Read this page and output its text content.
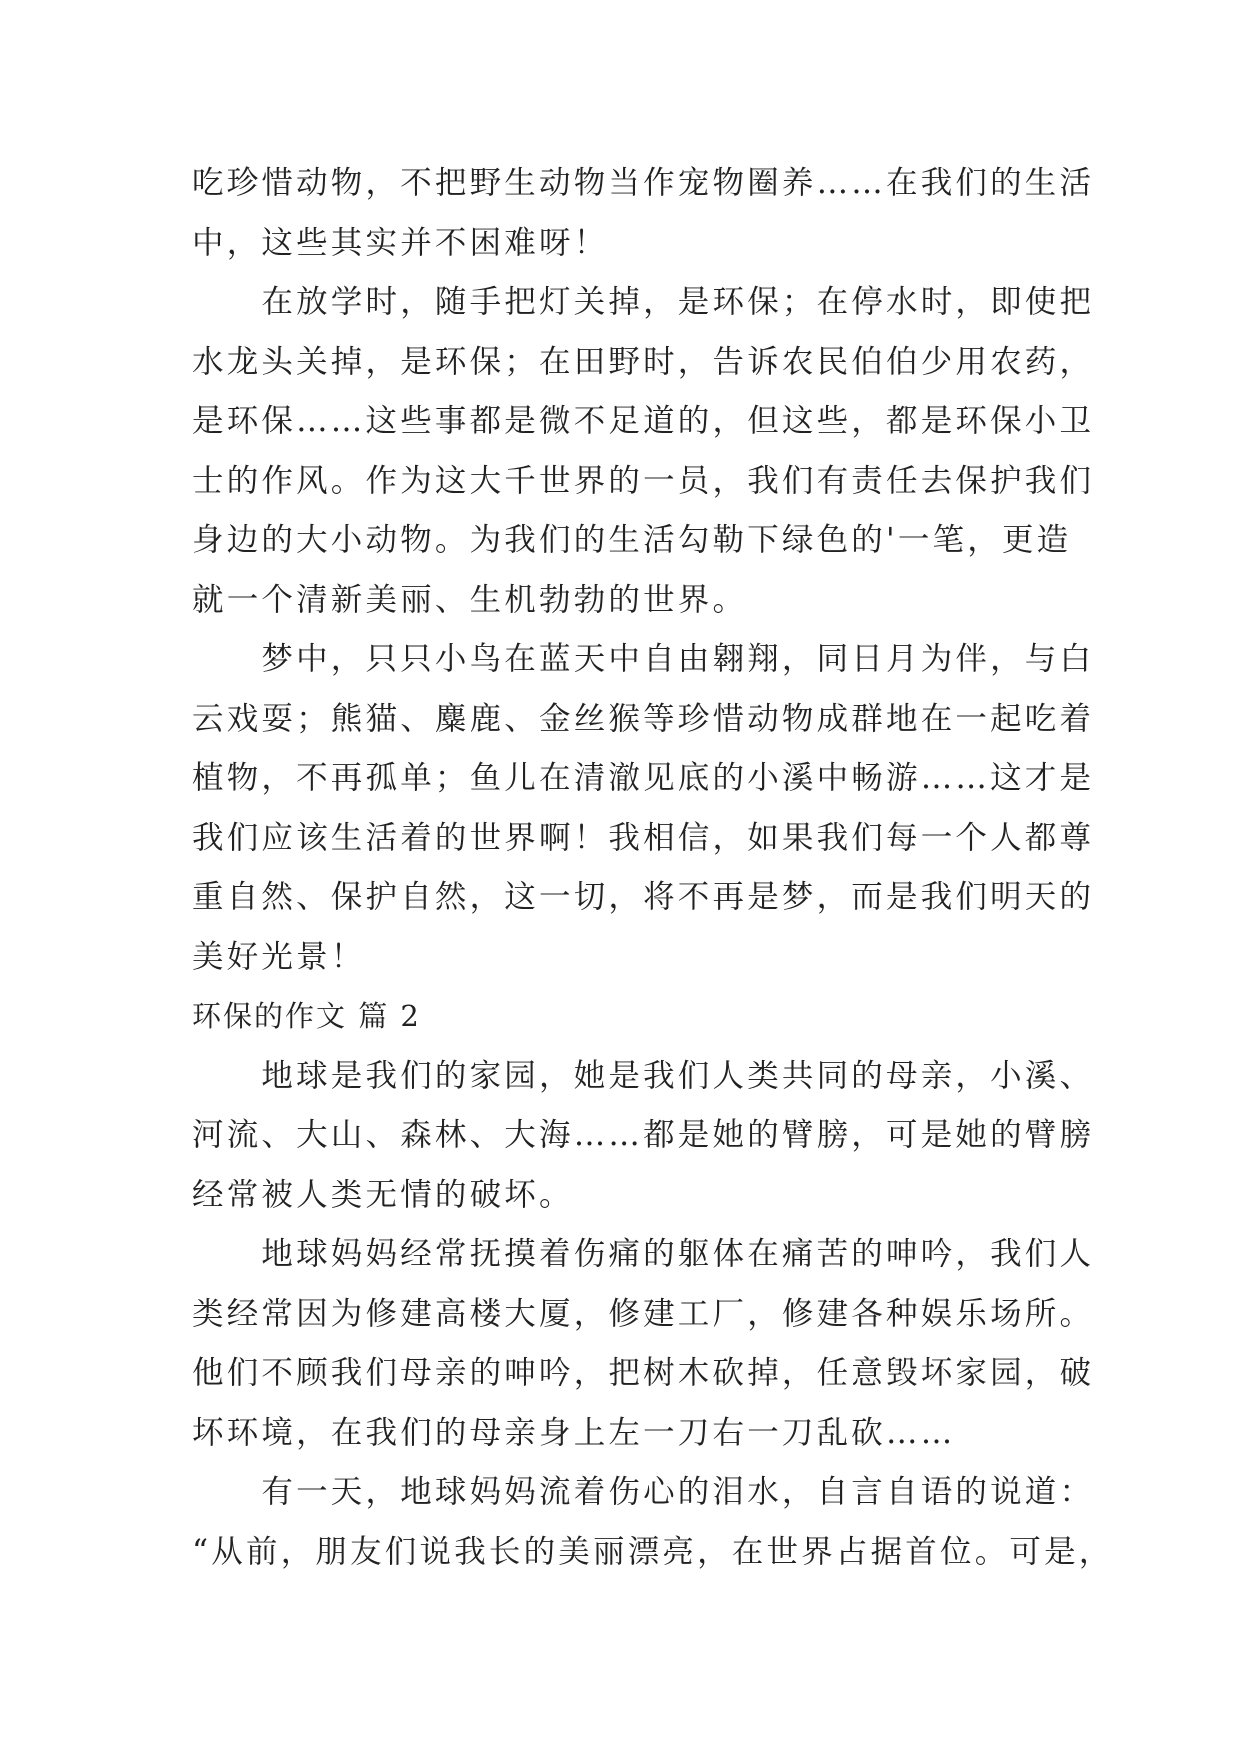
吃珍惜动物，不把野生动物当作宠物圈养……在我们的生活
中，这些其实并不困难呀！
　　在放学时，随手把灯关掉，是环保；在停水时，即使把
水龙头关掉，是环保；在田野时，告诉农民伯伯少用农药，
是环保……这些事都是微不足道的，但这些，都是环保小卫
士的作风。作为这大千世界的一员，我们有责任去保护我们
身边的大小动物。为我们的生活勾勒下绿色的'一笔，更造
就一个清新美丽、生机勃勃的世界。
　　梦中，只只小鸟在蓝天中自由翱翔，同日月为伴，与白
云戏耍；熊猫、麋鹿、金丝猴等珍惜动物成群地在一起吃着
植物，不再孤单；鱼儿在清澈见底的小溪中畅游……这才是
我们应该生活着的世界啊！我相信，如果我们每一个人都尊
重自然、保护自然，这一切，将不再是梦，而是我们明天的
美好光景！
环保的作文 篇 2
　　地球是我们的家园，她是我们人类共同的母亲，小溪、
河流、大山、森林、大海……都是她的臂膀，可是她的臂膀
经常被人类无情的破坏。
　　地球妈妈经常抚摸着伤痛的躯体在痛苦的呻吟，我们人
类经常因为修建高楼大厦，修建工厂，修建各种娱乐场所。
他们不顾我们母亲的呻吟，把树木砍掉，任意毁坏家园，破
坏环境，在我们的母亲身上左一刀右一刀乱砍……
　　有一天，地球妈妈流着伤心的泪水，自言自语的说道：
“从前，朋友们说我长的美丽漂亮，在世界占据首位。可是，
